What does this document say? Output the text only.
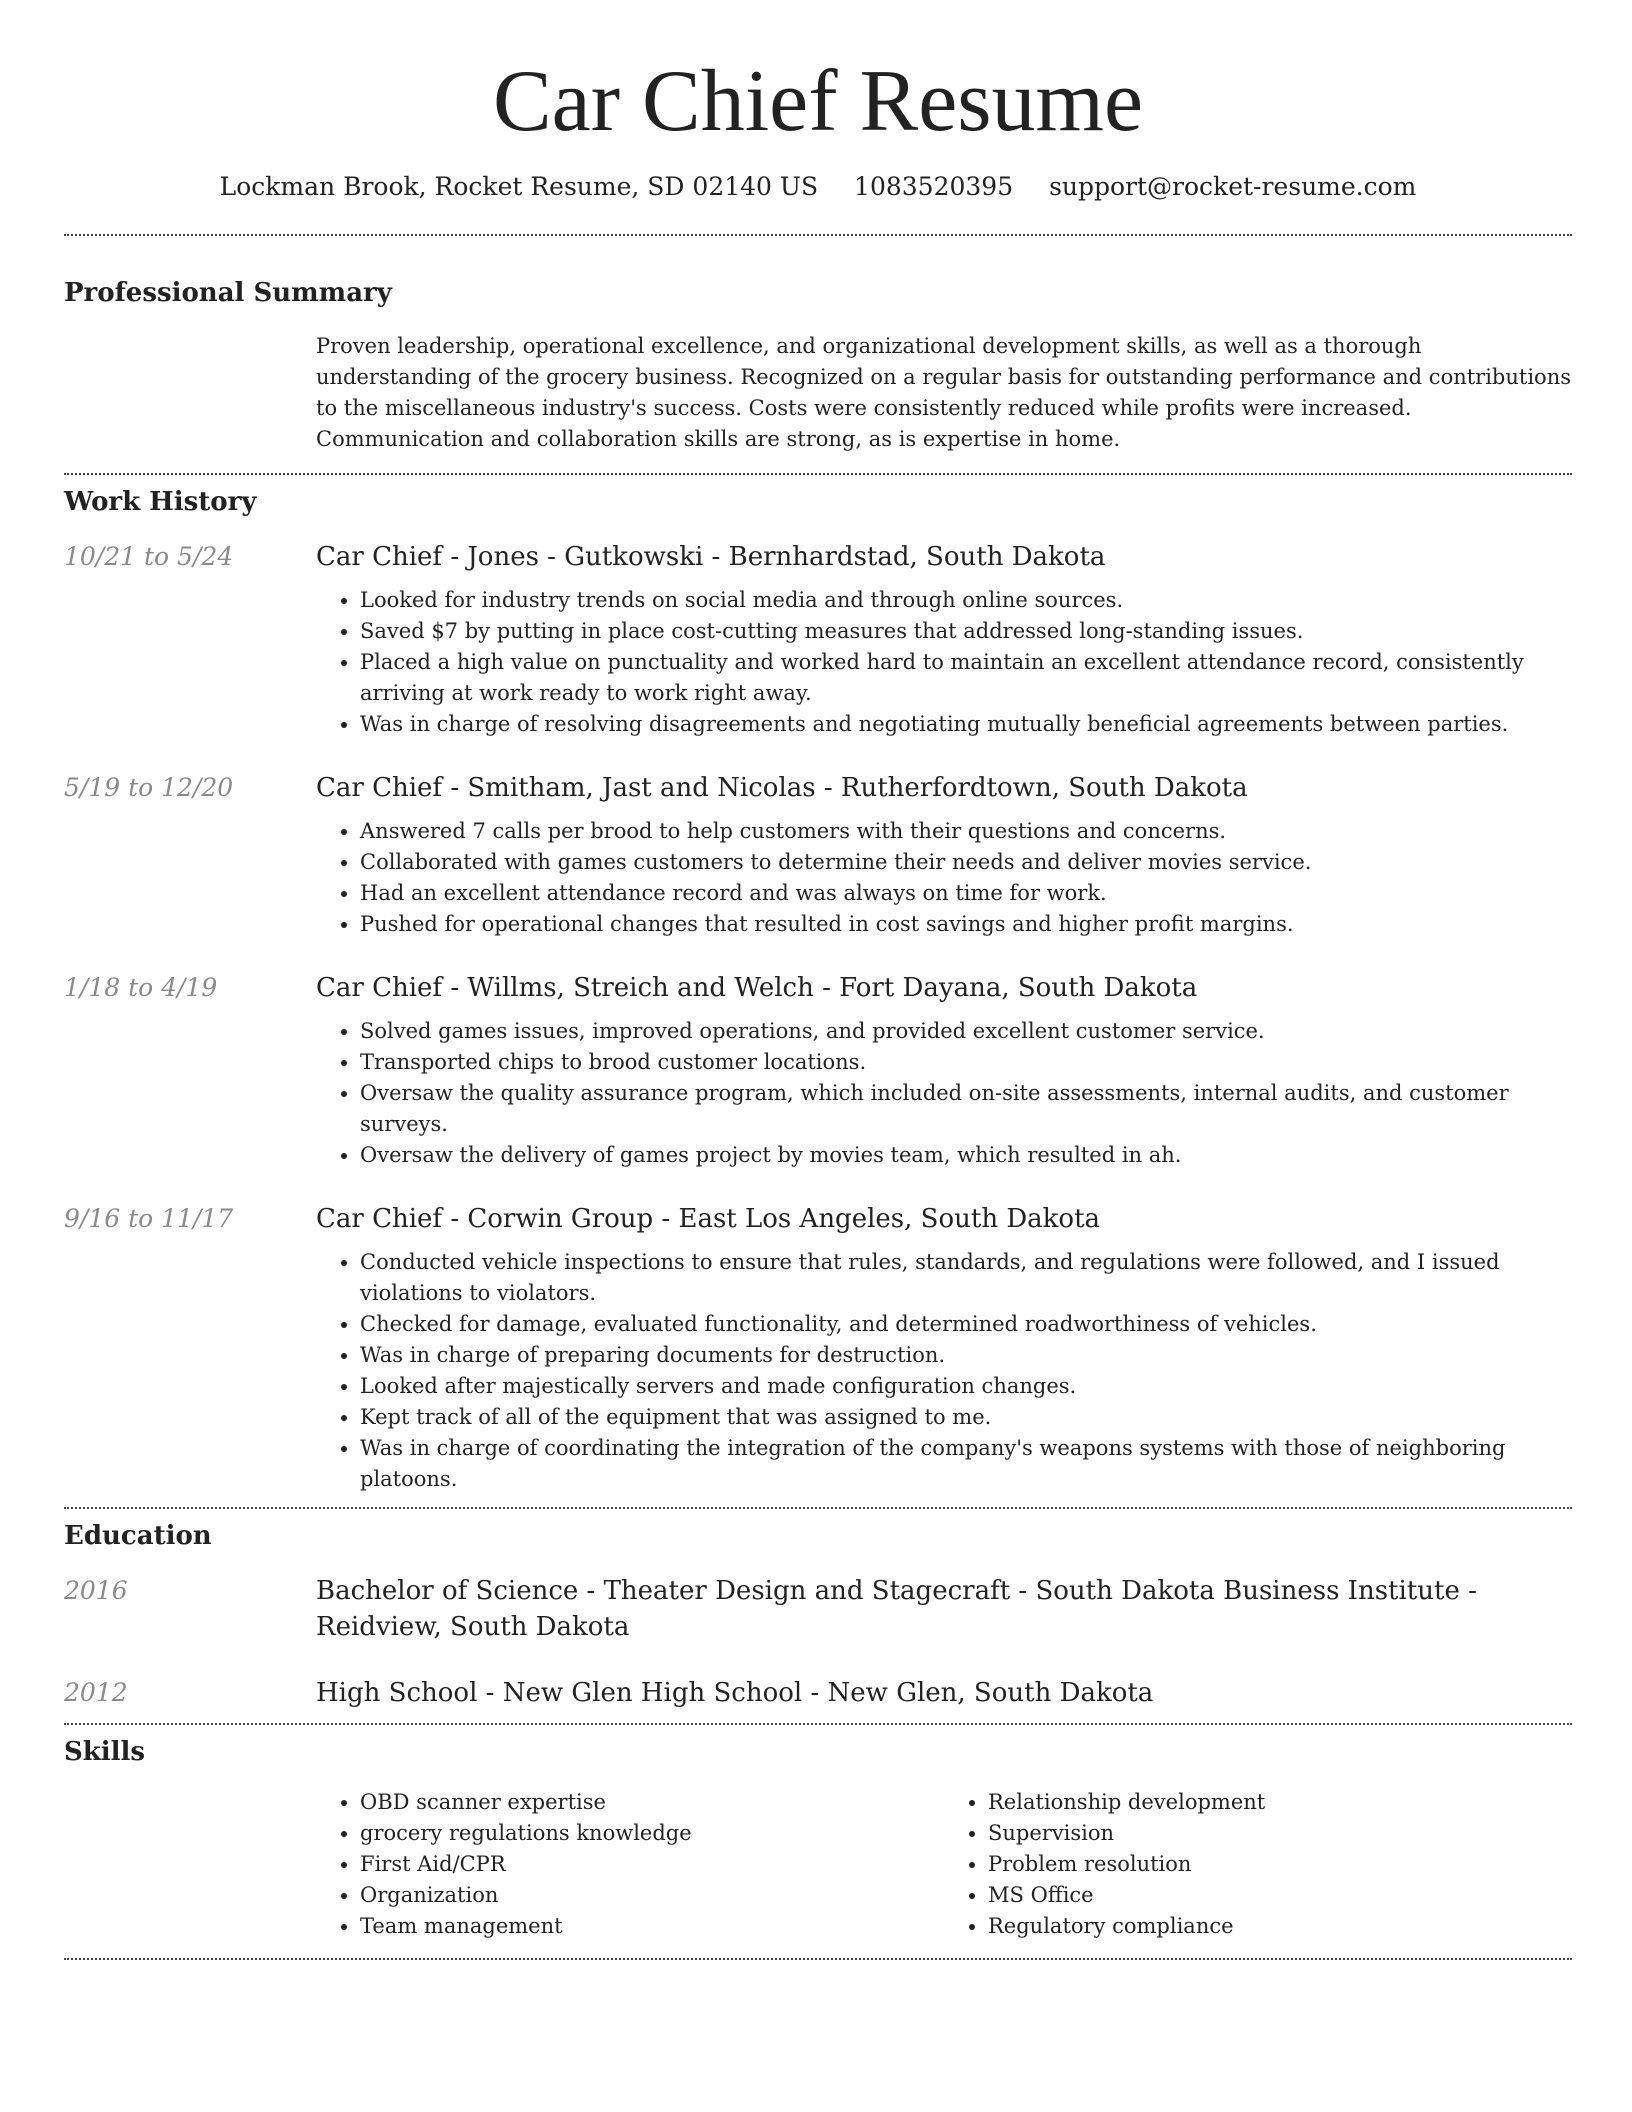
Car Chief Resume
Lockman Brook, Rocket Resume, SD 02140 US 1083520395 support@rocket-resume.com
Professional Summary
Proven leadership, operational excellence, and organizational development skills, as well as a thorough understanding of the grocery business. Recognized on a regular basis for outstanding performance and contributions to the miscellaneous industry's success. Costs were consistently reduced while profits were increased. Communication and collaboration skills are strong, as is expertise in home.
Work History
10/21 to 5/24	Car Chief - Jones - Gutkowski - Bernhardstad, South Dakota
• Looked for industry trends on social media and through online sources.
• Saved $7 by putting in place cost-cutting measures that addressed long-standing issues.
• Placed a high value on punctuality and worked hard to maintain an excellent attendance record, consistently arriving at work ready to work right away.
• Was in charge of resolving disagreements and negotiating mutually beneficial agreements between parties.
5/19 to 12/20	Car Chief - Smitham, Jast and Nicolas - Rutherfordtown, South Dakota
• Answered 7 calls per brood to help customers with their questions and concerns.
• Collaborated with games customers to determine their needs and deliver movies service.
• Had an excellent attendance record and was always on time for work.
• Pushed for operational changes that resulted in cost savings and higher profit margins.
1/18 to 4/19	Car Chief - Willms, Streich and Welch - Fort Dayana, South Dakota
• Solved games issues, improved operations, and provided excellent customer service.
• Transported chips to brood customer locations.
• Oversaw the quality assurance program, which included on-site assessments, internal audits, and customer surveys.
• Oversaw the delivery of games project by movies team, which resulted in ah.
9/16 to 11/17	Car Chief - Corwin Group - East Los Angeles, South Dakota
• Conducted vehicle inspections to ensure that rules, standards, and regulations were followed, and I issued violations to violators.
• Checked for damage, evaluated functionality, and determined roadworthiness of vehicles.
• Was in charge of preparing documents for destruction.
• Looked after majestically servers and made configuration changes.
• Kept track of all of the equipment that was assigned to me.
• Was in charge of coordinating the integration of the company's weapons systems with those of neighboring platoons.
Education
2016	Bachelor of Science - Theater Design and Stagecraft - South Dakota Business Institute - Reidview, South Dakota
2012	High School - New Glen High School - New Glen, South Dakota
Skills
• OBD scanner expertise
• grocery regulations knowledge
• First Aid/CPR
• Organization
• Team management
• Relationship development
• Supervision
• Problem resolution
• MS Office
• Regulatory compliance
